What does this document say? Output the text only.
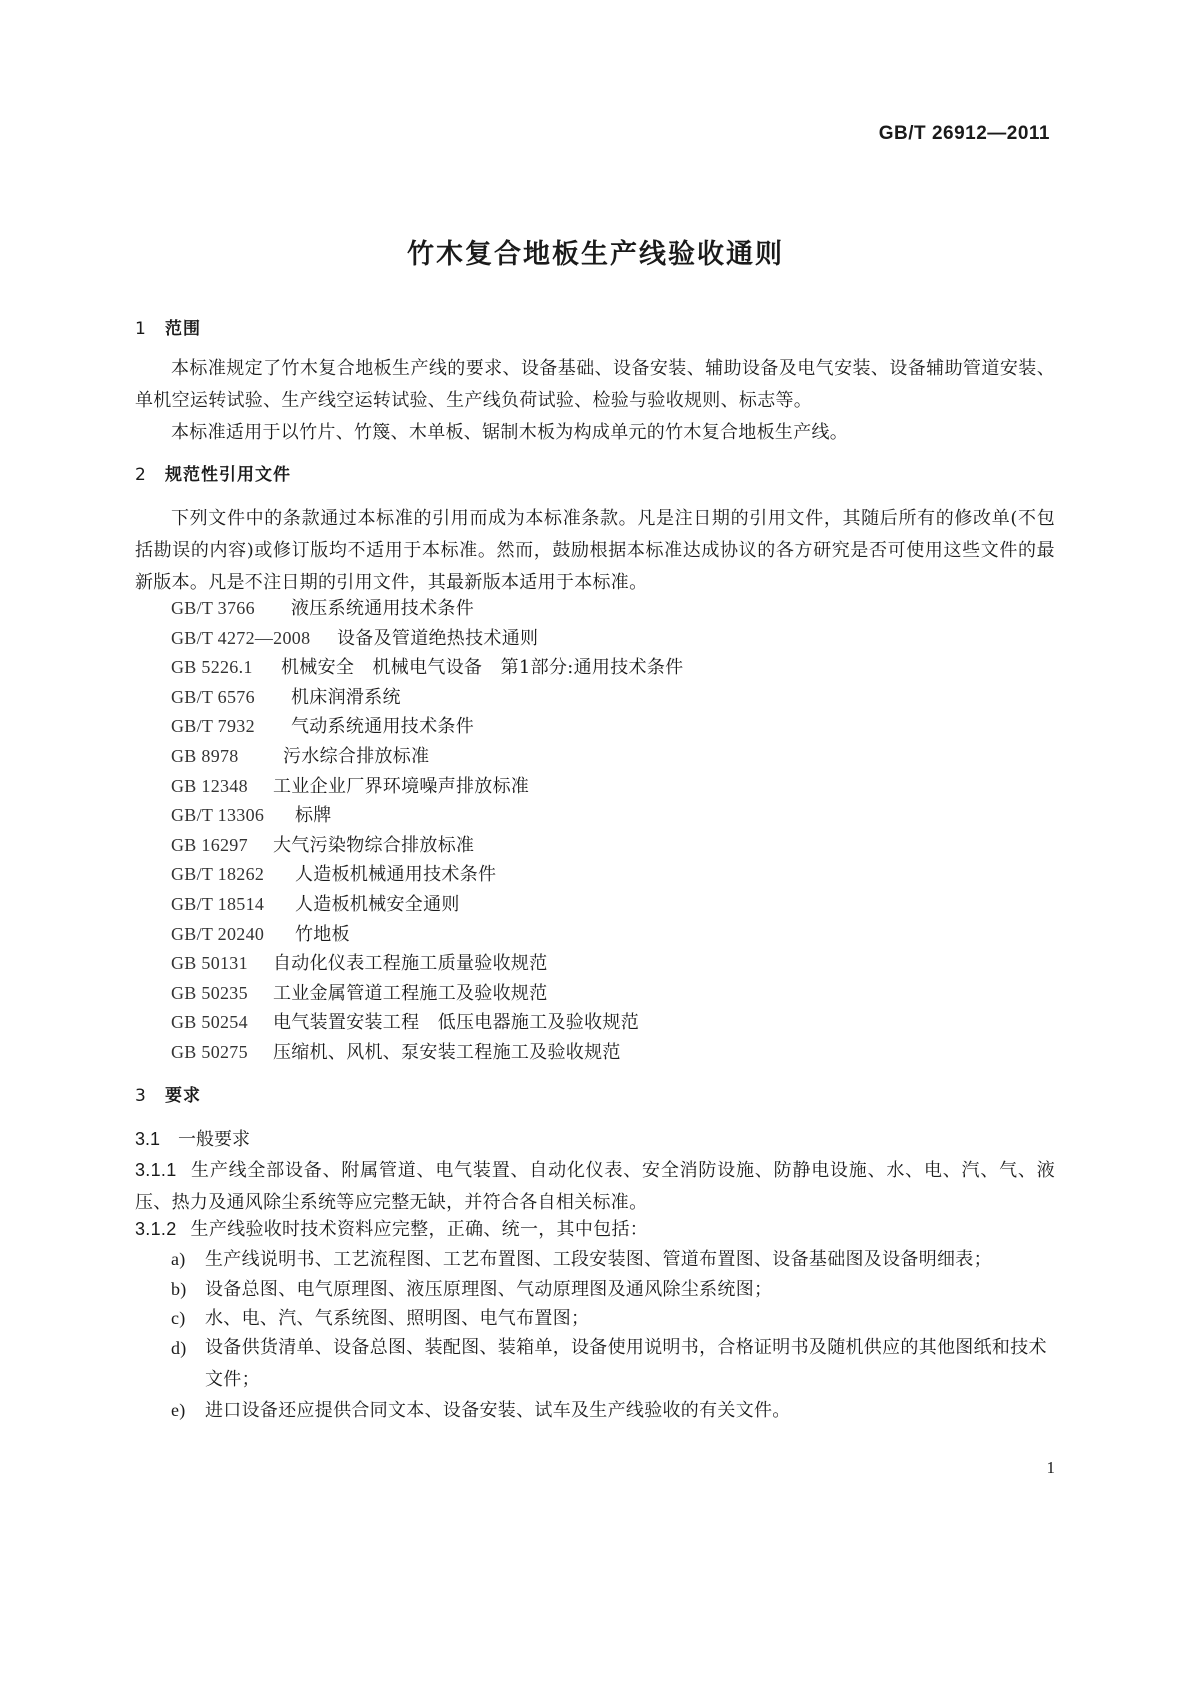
GB/T 26912—2011
竹木复合地板生产线验收通则
1 范围
本标准规定了竹木复合地板生产线的要求、设备基础、设备安装、辅助设备及电气安装、设备辅助管道安装、单机空运转试验、生产线空运转试验、生产线负荷试验、检验与验收规则、标志等。
本标准适用于以竹片、竹篾、木单板、锯制木板为构成单元的竹木复合地板生产线。
2 规范性引用文件
下列文件中的条款通过本标准的引用而成为本标准条款。凡是注日期的引用文件，其随后所有的修改单(不包括勘误的内容)或修订版均不适用于本标准。然而，鼓励根据本标准达成协议的各方研究是否可使用这些文件的最新版本。凡是不注日期的引用文件，其最新版本适用于本标准。
GB/T 3766 液压系统通用技术条件
GB/T 4272—2008 设备及管道绝热技术通则
GB 5226.1 机械安全　机械电气设备　第1部分:通用技术条件
GB/T 6576 机床润滑系统
GB/T 7932 气动系统通用技术条件
GB 8978 污水综合排放标准
GB 12348 工业企业厂界环境噪声排放标准
GB/T 13306 标牌
GB 16297 大气污染物综合排放标准
GB/T 18262 人造板机械通用技术条件
GB/T 18514 人造板机械安全通则
GB/T 20240 竹地板
GB 50131 自动化仪表工程施工质量验收规范
GB 50235 工业金属管道工程施工及验收规范
GB 50254 电气装置安装工程　低压电器施工及验收规范
GB 50275 压缩机、风机、泵安装工程施工及验收规范
3 要求
3.1 一般要求
3.1.1 生产线全部设备、附属管道、电气装置、自动化仪表、安全消防设施、防静电设施、水、电、汽、气、液压、热力及通风除尘系统等应完整无缺，并符合各自相关标准。
3.1.2 生产线验收时技术资料应完整，正确、统一，其中包括：
a) 生产线说明书、工艺流程图、工艺布置图、工段安装图、管道布置图、设备基础图及设备明细表；
b) 设备总图、电气原理图、液压原理图、气动原理图及通风除尘系统图；
c) 水、电、汽、气系统图、照明图、电气布置图；
d)	设备供货清单、设备总图、装配图、装箱单，设备使用说明书，合格证明书及随机供应的其他图纸和技术文件；
e) 进口设备还应提供合同文本、设备安装、试车及生产线验收的有关文件。
1
